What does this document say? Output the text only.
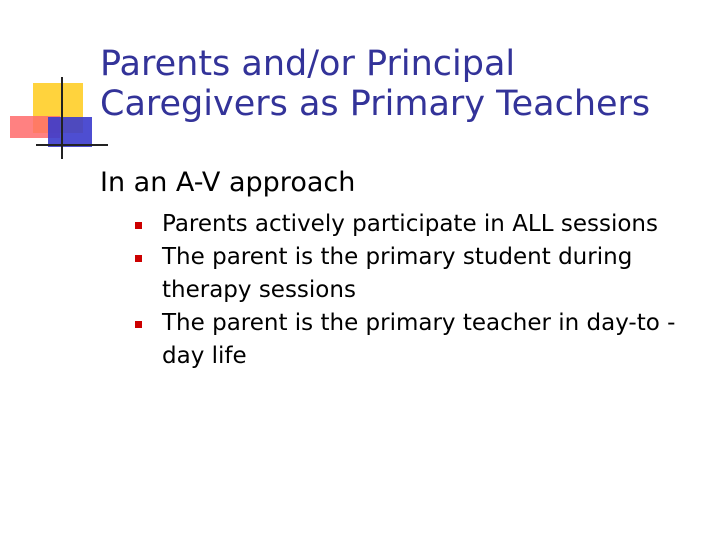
Parents and/or Principal
Caregivers as Primary Teachers

In an A-V approach

Parents actively participate in ALL sessions
The parent is the primary student during therapy sessions
The parent is the primary teacher in day-to -day life
